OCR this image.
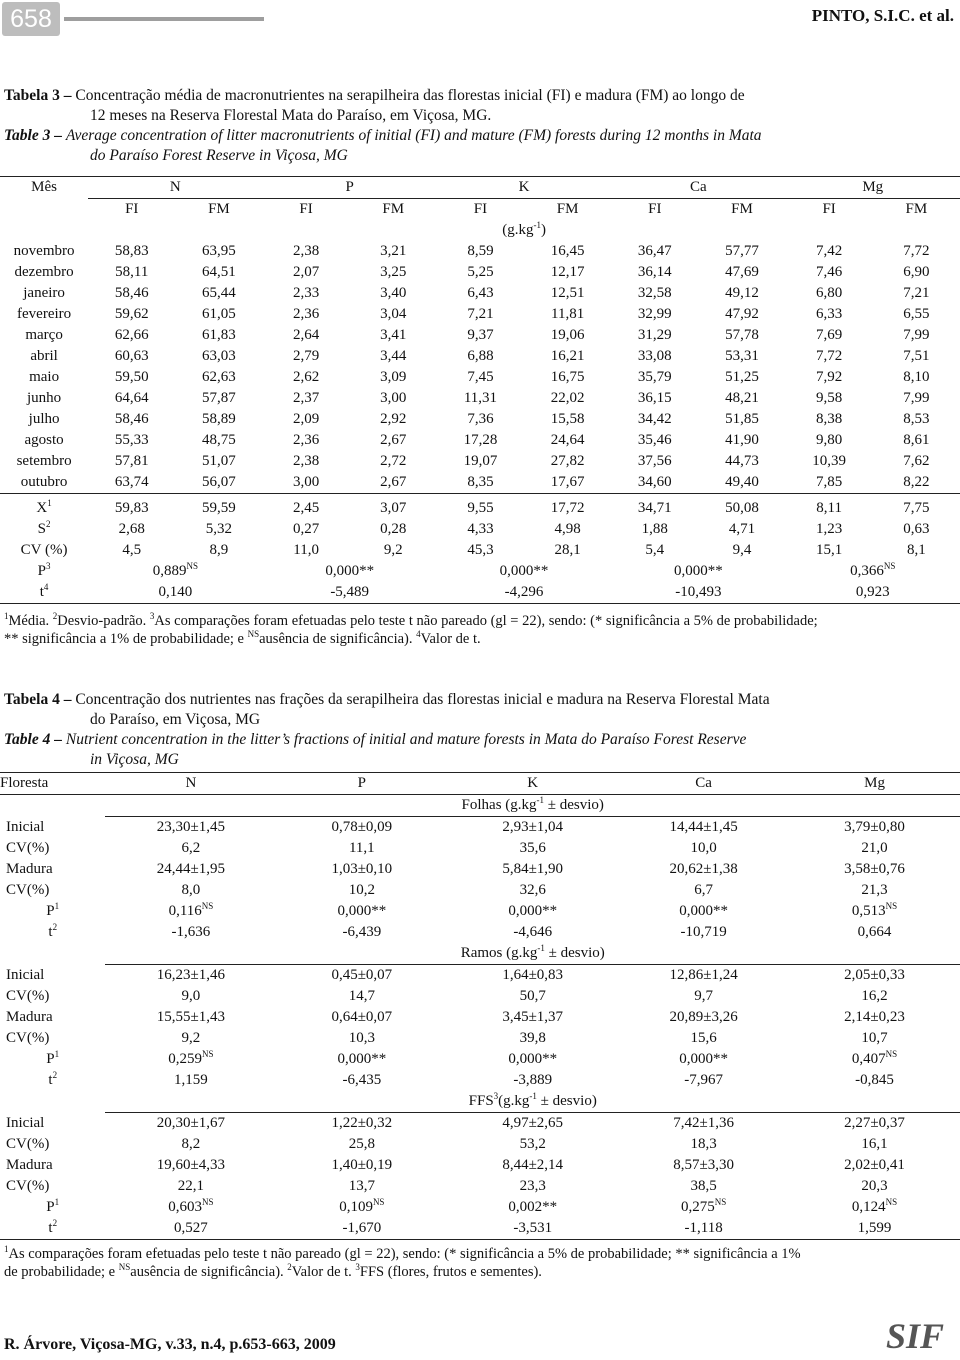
658	PINTO, S.I.C. et al.
Tabela 3 – Concentração média de macronutrientes na serapilheira das florestas inicial (FI) e madura (FM) ao longo de
12 meses na Reserva Florestal Mata do Paraíso, em Viçosa, MG.
Table 3 – Average concentration of litter macronutrients of initial (FI) and mature (FM) forests during 12 months in Mata
do Paraíso Forest Reserve in Viçosa, MG
Mês	N		P		K		Ca		Mg	
	FI	FM	FI	FM	FI	FM	FI	FM	FI	FM
	$(g.kg^{-1})$									
novembro	58,83	63,95	2,38	3,21	8,59	16,45	36,47	57,77	7,42	7,72
dezembro	58,11	64,51	2,07	3,25	5,25	12,17	36,14	47,69	7,46	6,90
janeiro	58,46	65,44	2,33	3,40	6,43	12,51	32,58	49,12	6,80	7,21
fevereiro	59,62	61,05	2,36	3,04	7,21	11,81	32,99	47,92	6,33	6,55
março	62,66	61,83	2,64	3,41	9,37	19,06	31,29	57,78	7,69	7,99
abril	60,63	63,03	2,79	3,44	6,88	16,21	33,08	53,31	7,72	7,51
maio	59,50	62,63	2,62	3,09	7,45	16,75	35,79	51,25	7,92	8,10
junho	64,64	57,87	2,37	3,00	11,31	22,02	36,15	48,21	9,58	7,99
julho	58,46	58,89	2,09	2,92	7,36	15,58	34,42	51,85	8,38	8,53
agosto	55,33	48,75	2,36	2,67	17,28	24,64	35,46	41,90	9,80	8,61
setembro	57,81	51,07	2,38	2,72	19,07	27,82	37,56	44,73	10,39	7,62
outubro	63,74	56,07	3,00	2,67	8,35	17,67	34,60	49,40	7,85	8,22
$X^1$	59,83	59,59	2,45	3,07	9,55	17,72	34,71	50,08	8,11	7,75
$S^2$	2,68	5,32	0,27	0,28	4,33	4,98	1,88	4,71	1,23	0,63
CV (%)	4,5	8,9	11,0	9,2	45,3	28,1	5,4	9,4	15,1	8,1
$P^3$	$0,889^{NS}$		0,000**		0,000**		0,000**		$0,366^{NS}$
$t^4$	0,140		-5,489		-4,296		-10,493		0,923	
$^1$Média. $^2$Desvio-padrão. $^3$As comparações foram efetuadas pelo teste t não pareado (gl = 22), sendo: (* significância a 5% de probabilidade;
** significância a 1% de probabilidade; e $^{NS}$ausência de significância). $^4$Valor de t.
Tabela 4 – Concentração dos nutrientes nas frações da serapilheira das florestas inicial e madura na Reserva Florestal Mata
do Paraíso, em Viçosa, MG
Table 4 – Nutrient concentration in the litter’s fractions of initial and mature forests in Mata do Paraíso Forest Reserve
in Viçosa, MG
Floresta	N	P	K	Ca	Mg
	Folhas ($g.kg^{-1}$ ± desvio)				
Inicial	23,30±1,45	0,78±0,09	2,93±1,04	14,44±1,45	3,79±0,80
CV(%)	6,2	11,1	35,6	10,0	21,0
Madura	24,44±1,95	1,03±0,10	5,84±1,90	20,62±1,38	3,58±0,76
CV(%)	8,0	10,2	32,6	6,7	21,3
$P^1$	$0,116^{NS}$	0,000**	0,000**	0,000**	$0,513^{NS}$
$t^2$	-1,636	-6,439	-4,646	-10,719	0,664
	Ramos ($g.kg^{-1}$ ± desvio)				
Inicial	16,23±1,46	0,45±0,07	1,64±0,83	12,86±1,24	2,05±0,33
CV(%)	9,0	14,7	50,7	9,7	16,2
Madura	15,55±1,43	0,64±0,07	3,45±1,37	20,89±3,26	2,14±0,23
CV(%)	9,2	10,3	39,8	15,6	10,7
$P^1$	$0,259^{NS}$	0,000**	0,000**	0,000**	$0,407^{NS}$
$t^2$	1,159	-6,435	-3,889	-7,967	-0,845
	$FFS^3(g.kg^{-1}$ ± desvio)				
Inicial	20,30±1,67	1,22±0,32	4,97±2,65	7,42±1,36	2,27±0,37
CV(%)	8,2	25,8	53,2	18,3	16,1
Madura	19,60±4,33	1,40±0,19	8,44±2,14	8,57±3,30	2,02±0,41
CV(%)	22,1	13,7	23,3	38,5	20,3
$P^1$	$0,603^{NS}$	$0,109^{NS}$	0,002**	$0,275^{NS}$	$0,124^{NS}$
$t^2$	0,527	-1,670	-3,531	-1,118	1,599
$^1$As comparações foram efetuadas pelo teste t não pareado (gl = 22), sendo: (* significância a 5% de probabilidade; ** significância a 1%
de probabilidade; e $^{NS}$ausência de significância). $^2$Valor de t. $^3$FFS (flores, frutos e sementes).
R. Árvore, Viçosa-MG, v.33, n.4, p.653-663, 2009	SIF
